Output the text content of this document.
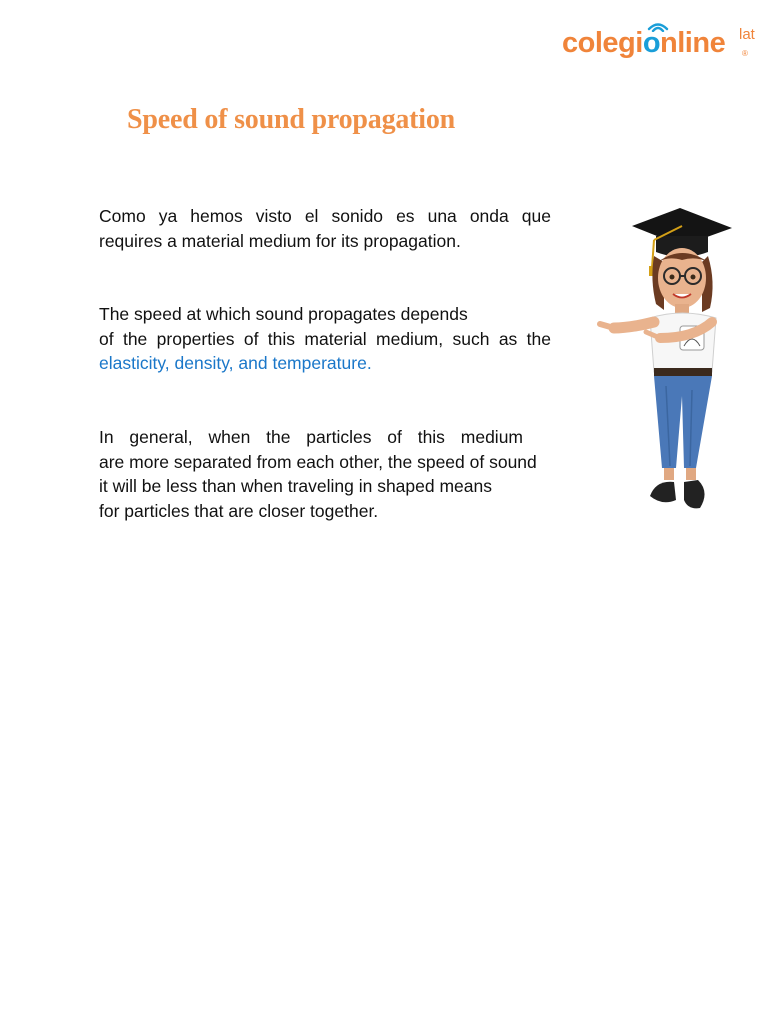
colegionline lat
®
Speed of sound propagation

Como ya hemos visto el sonido es una onda que
requires a material medium for its propagation.

The speed at which sound propagates depends
of the properties of this material medium, such as the
elasticity, density, and temperature.

In general, when the particles of this medium
are more separated from each other, the speed of sound
it will be less than when traveling in shaped means
for particles that are closer together.
